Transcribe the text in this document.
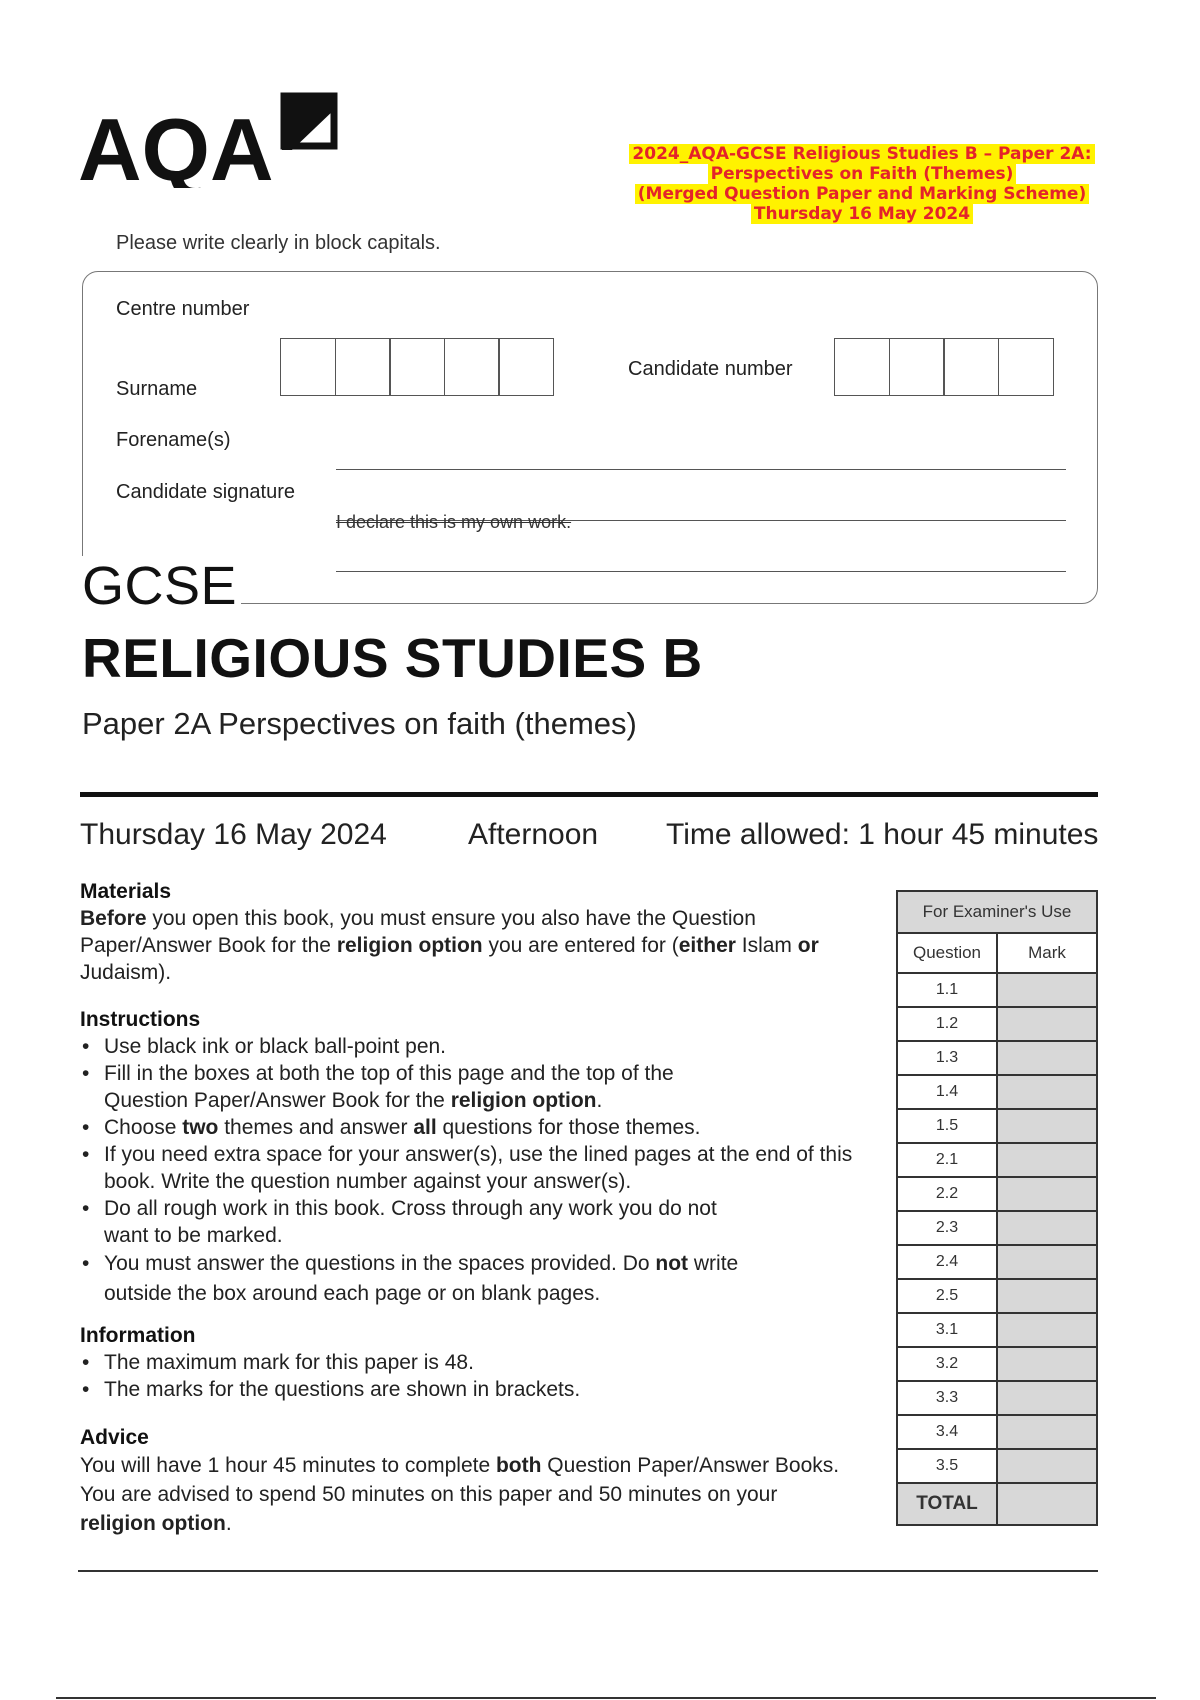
AQA	2024_AQA-GCSE Religious Studies B – Paper 2A:
Perspectives on Faith (Themes)
(Merged Question Paper and Marking Scheme)
Thursday 16 May 2024
Please write clearly in block capitals.
Centre number
Candidate number
Surname
Forename(s)
Candidate signature
I declare this is my own work.
GCSE
RELIGIOUS STUDIES B
Paper 2A Perspectives on faith (themes)
Thursday 16 May 2024	Afternoon Time allowed: 1 hour 45 minutes
Materials

Before you open this book, you must ensure you also have the Question Paper/Answer Book for the religion option you are entered for (either Islam or Judaism).

Instructions
• Use black ink or black ball-point pen.
• Fill in the boxes at both the top of this page and the top of the Question Paper/Answer Book for the religion option.
• Choose two themes and answer all questions for those themes.
• If you need extra space for your answer(s), use the lined pages at the end of this book. Write the question number against your answer(s).
• Do all rough work in this book. Cross through any work you do not want to be marked.
• You must answer the questions in the spaces provided. Do not write outside the box around each page or on blank pages.
Information
• The maximum mark for this paper is 48.
• The marks for the questions are shown in brackets.
Advice

You will have 1 hour 45 minutes to complete both Question Paper/Answer Books.

You are advised to spend 50 minutes on this paper and 50 minutes on your religion option.

For Examiner's Use	
Question	Mark
1.1	
1.2	
1.3	
1.4	
1.5	
2.1	
2.2	
2.3	
2.4	
2.5	
3.1	
3.2	
3.3	
3.4	
3.5	
TOTAL	
